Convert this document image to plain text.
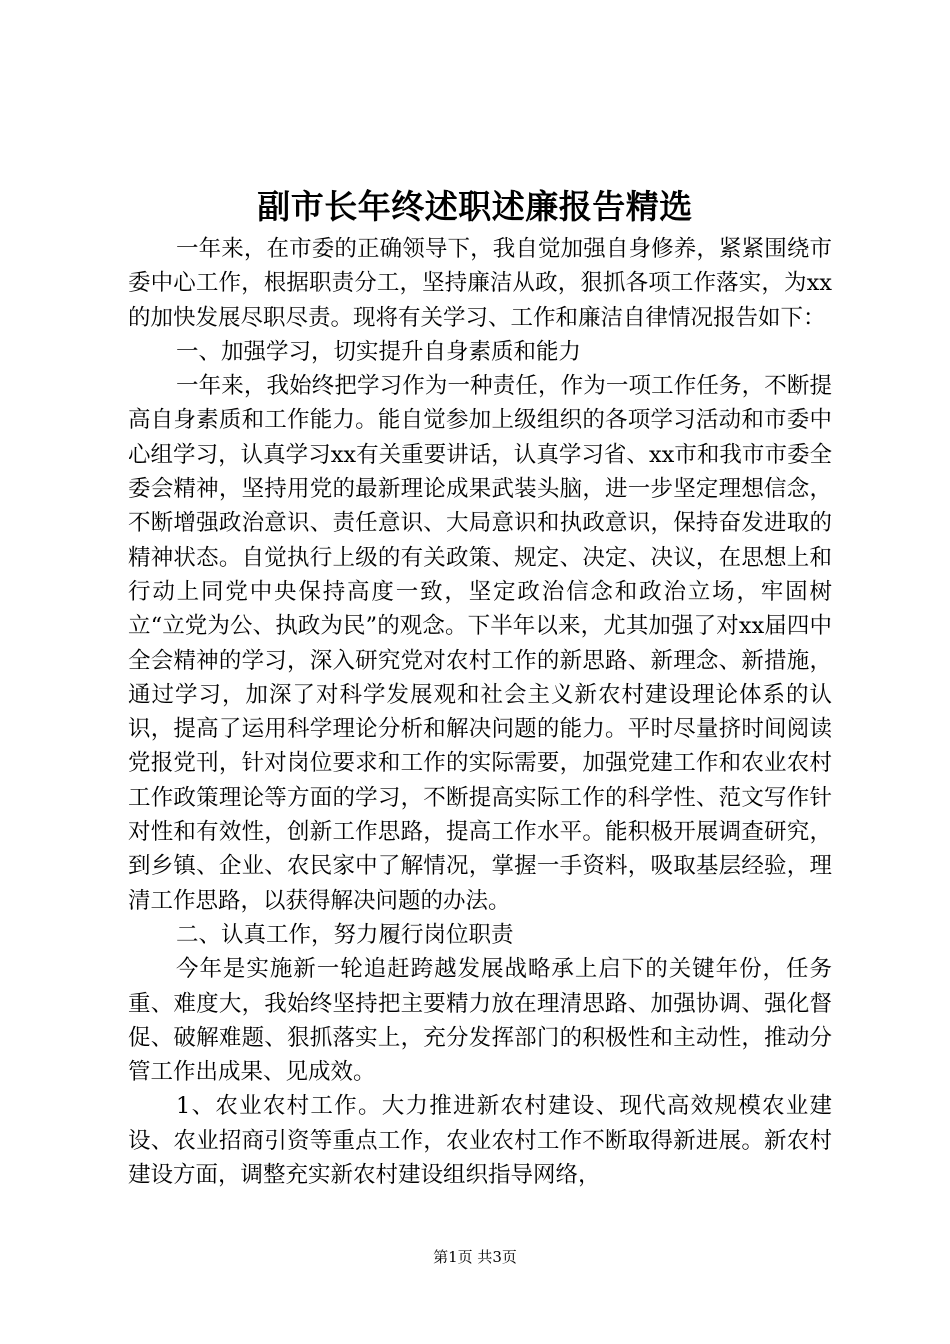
副市长年终述职述廉报告精选

一年来，在市委的正确领导下，我自觉加强自身修养，紧紧围绕市委中心工作，根据职责分工，坚持廉洁从政，狠抓各项工作落实，为xx的加快发展尽职尽责。现将有关学习、工作和廉洁自律情况报告如下：

一、加强学习，切实提升自身素质和能力

一年来，我始终把学习作为一种责任，作为一项工作任务，不断提高自身素质和工作能力。能自觉参加上级组织的各项学习活动和市委中心组学习，认真学习xx有关重要讲话，认真学习省、xx市和我市市委全委会精神，坚持用党的最新理论成果武装头脑，进一步坚定理想信念，不断增强政治意识、责任意识、大局意识和执政意识，保持奋发进取的精神状态。自觉执行上级的有关政策、规定、决定、决议，在思想上和行动上同党中央保持高度一致，坚定政治信念和政治立场，牢固树立“立党为公、执政为民”的观念。下半年以来，尤其加强了对xx届四中全会精神的学习，深入研究党对农村工作的新思路、新理念、新措施，通过学习，加深了对科学发展观和社会主义新农村建设理论体系的认识，提高了运用科学理论分析和解决问题的能力。平时尽量挤时间阅读党报党刊，针对岗位要求和工作的实际需要，加强党建工作和农业农村工作政策理论等方面的学习，不断提高实际工作的科学性、范文写作针对性和有效性，创新工作思路，提高工作水平。能积极开展调查研究，到乡镇、企业、农民家中了解情况，掌握一手资料，吸取基层经验，理清工作思路，以获得解决问题的办法。

二、认真工作，努力履行岗位职责

今年是实施新一轮追赶跨越发展战略承上启下的关键年份，任务重、难度大，我始终坚持把主要精力放在理清思路、加强协调、强化督促、破解难题、狠抓落实上，充分发挥部门的积极性和主动性，推动分管工作出成果、见成效。

1、农业农村工作。大力推进新农村建设、现代高效规模农业建设、农业招商引资等重点工作，农业农村工作不断取得新进展。新农村建设方面，调整充实新农村建设组织指导网络，

第1页 共3页
